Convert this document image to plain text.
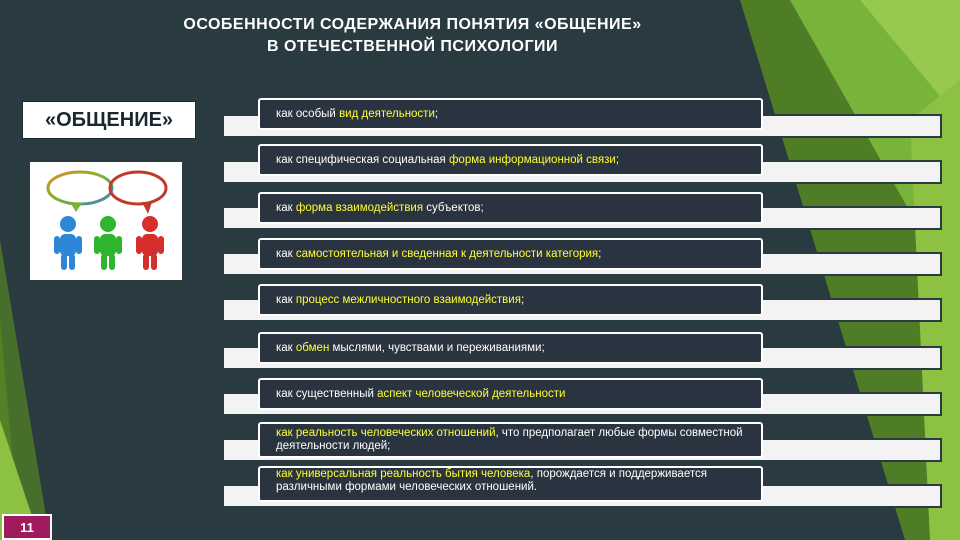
ОСОБЕННОСТИ СОДЕРЖАНИЯ ПОНЯТИЯ «ОБЩЕНИЕ»
В ОТЕЧЕСТВЕННОЙ ПСИХОЛОГИИ
«ОБЩЕНИЕ»	как особый вид деятельности;
как специфическая социальная форма информационной связи;
как форма взаимодействия субъектов;
как самостоятельная и сведенная к деятельности категория;
как процесс межличностного взаимодействия;
как обмен мыслями, чувствами и переживаниями;
как существенный аспект человеческой деятельности
как реальность человеческих отношений, что предполагает любые формы совместной деятельности людей;
как универсальная реальность бытия человека, порождается и поддерживается различными формами человеческих отношений.
11
